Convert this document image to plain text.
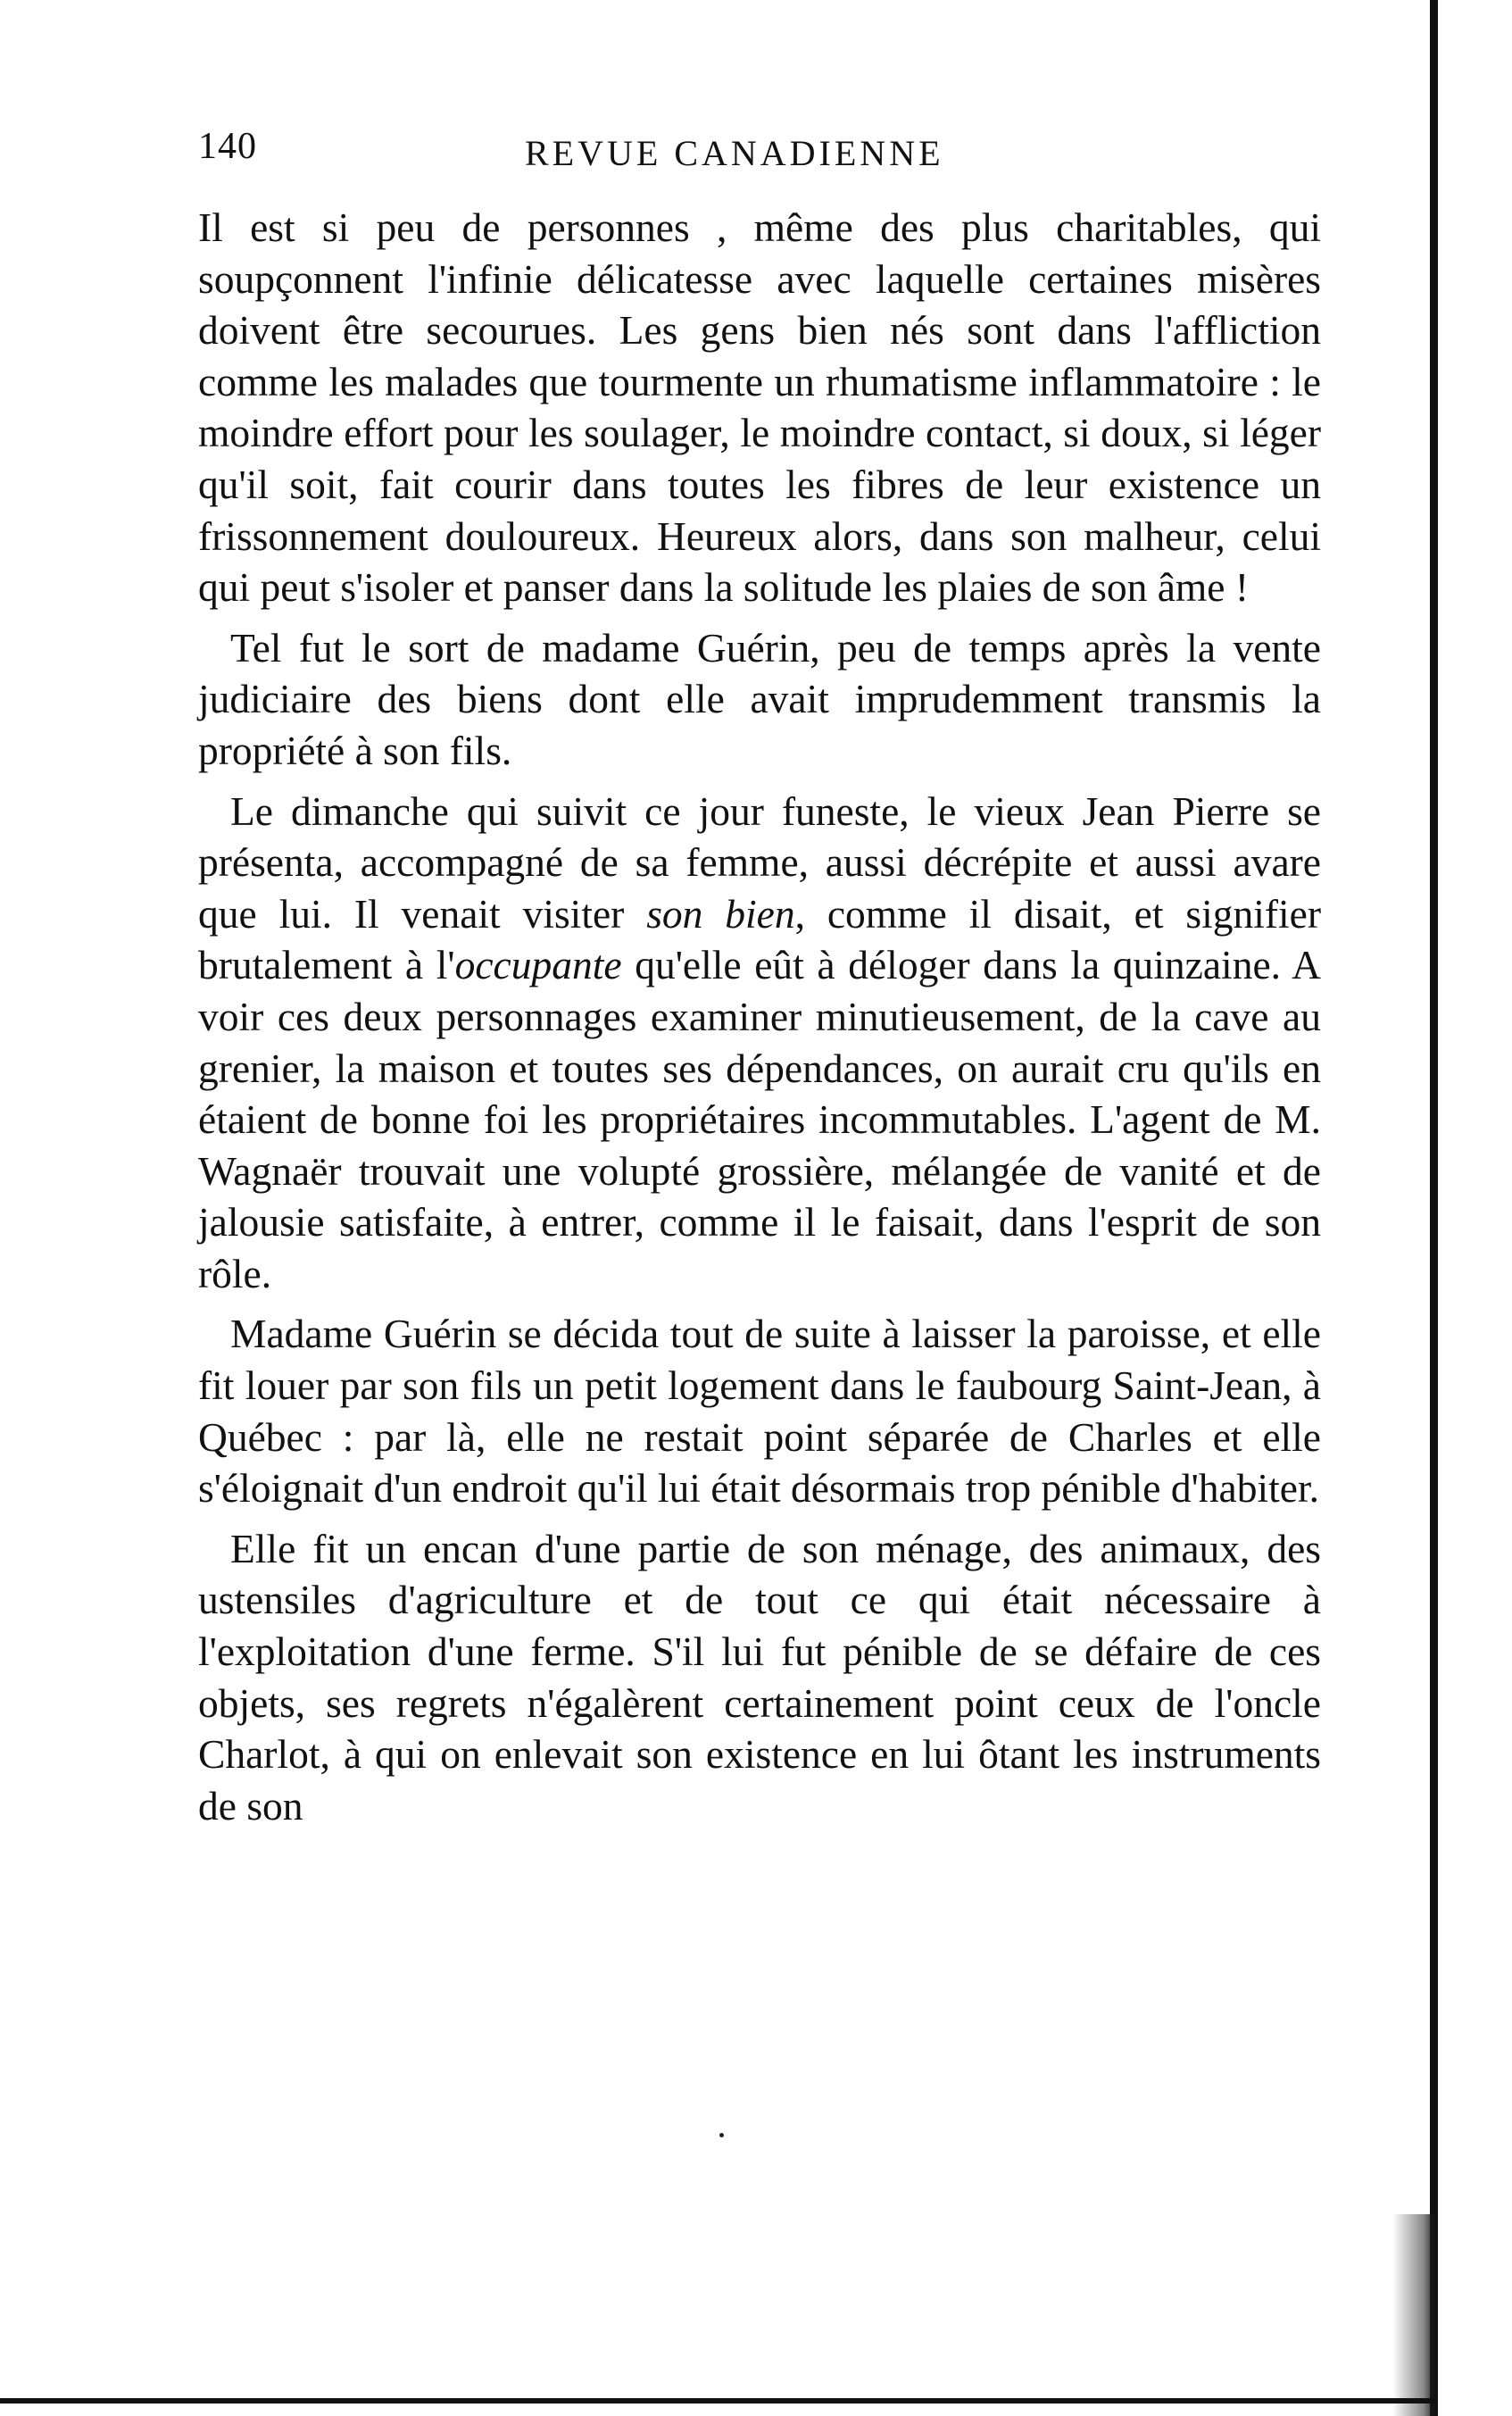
140	REVUE CANADIENNE

Il est si peu de personnes , même des plus charitables, qui soupçonnent l'infinie délicatesse avec laquelle certaines misères doivent être secourues. Les gens bien nés sont dans l'affliction comme les malades que tourmente un rhumatisme inflammatoire : le moindre effort pour les soulager, le moindre contact, si doux, si léger qu'il soit, fait courir dans toutes les fibres de leur existence un frissonnement douloureux. Heureux alors, dans son malheur, celui qui peut s'isoler et panser dans la solitude les plaies de son âme !

Tel fut le sort de madame Guérin, peu de temps après la vente judiciaire des biens dont elle avait imprudemment transmis la propriété à son fils.

Le dimanche qui suivit ce jour funeste, le vieux Jean Pierre se présenta, accompagné de sa femme, aussi décrépite et aussi avare que lui. Il venait visiter son bien, comme il disait, et signifier brutalement à l'occupante qu'elle eût à déloger dans la quinzaine. A voir ces deux personnages examiner minutieusement, de la cave au grenier, la maison et toutes ses dépendances, on aurait cru qu'ils en étaient de bonne foi les propriétaires incommutables. L'agent de M. Wagnaër trouvait une volupté grossière, mélangée de vanité et de jalousie satisfaite, à entrer, comme il le faisait, dans l'esprit de son rôle.

Madame Guérin se décida tout de suite à laisser la paroisse, et elle fit louer par son fils un petit logement dans le faubourg Saint-Jean, à Québec : par là, elle ne restait point séparée de Charles et elle s'éloignait d'un endroit qu'il lui était désormais trop pénible d'habiter.

Elle fit un encan d'une partie de son ménage, des animaux, des ustensiles d'agriculture et de tout ce qui était nécessaire à l'exploitation d'une ferme. S'il lui fut pénible de se défaire de ces objets, ses regrets n'égalèrent certainement point ceux de l'oncle Charlot, à qui on enlevait son existence en lui ôtant les instruments de son
